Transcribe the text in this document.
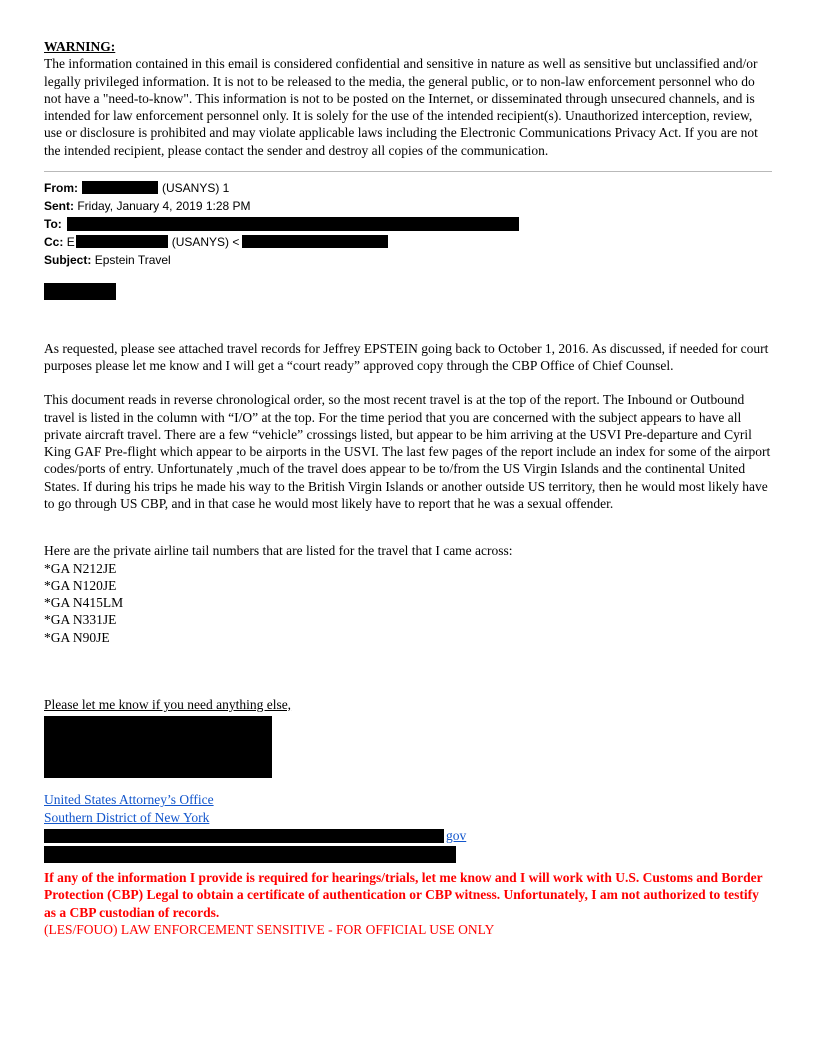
WARNING:

The information contained in this email is considered confidential and sensitive in nature as well as sensitive but unclassified and/or legally privileged information. It is not to be released to the media, the general public, or to non-law enforcement personnel who do not have a "need-to-know". This information is not to be posted on the Internet, or disseminated through unsecured channels, and is intended for law enforcement personnel only. It is solely for the use of the intended recipient(s). Unauthorized interception, review, use or disclosure is prohibited and may violate applicable laws including the Electronic Communications Privacy Act. If you are not the intended recipient, please contact the sender and destroy all copies of the communication.

From:	(USANYS) 1
Sent: Friday, January 4, 2019 1:28 PM
To:
Cc: E	(USANYS) <
Subject: Epstein Travel

As requested, please see attached travel records for Jeffrey EPSTEIN going back to October 1, 2016. As discussed, if needed for court purposes please let me know and I will get a “court ready” approved copy through the CBP Office of Chief Counsel.

This document reads in reverse chronological order, so the most recent travel is at the top of the report. The Inbound or Outbound travel is listed in the column with “I/O” at the top. For the time period that you are concerned with the subject appears to have all private aircraft travel. There are a few “vehicle” crossings listed, but appear to be him arriving at the USVI Pre-departure and Cyril King GAF Pre-flight which appear to be airports in the USVI. The last few pages of the report include an index for some of the airport codes/ports of entry. Unfortunately ,much of the travel does appear to be to/from the US Virgin Islands and the continental United States. If during his trips he made his way to the British Virgin Islands or another outside US territory, then he would most likely have to go through US CBP, and in that case he would most likely have to report that he was a sexual offender.

Here are the private airline tail numbers that are listed for the travel that I came across:

*GA N212JE
*GA N120JE
*GA N415LM
*GA N331JE
*GA N90JE

Please let me know if you need anything else,

United States Attorney’s Office
Southern District of New York
gov

If any of the information I provide is required for hearings/trials, let me know and I will work with U.S. Customs and Border Protection (CBP) Legal to obtain a certificate of authentication or CBP witness. Unfortunately, I am not authorized to testify as a CBP custodian of records.

(LES/FOUO) LAW ENFORCEMENT SENSITIVE - FOR OFFICIAL USE ONLY
